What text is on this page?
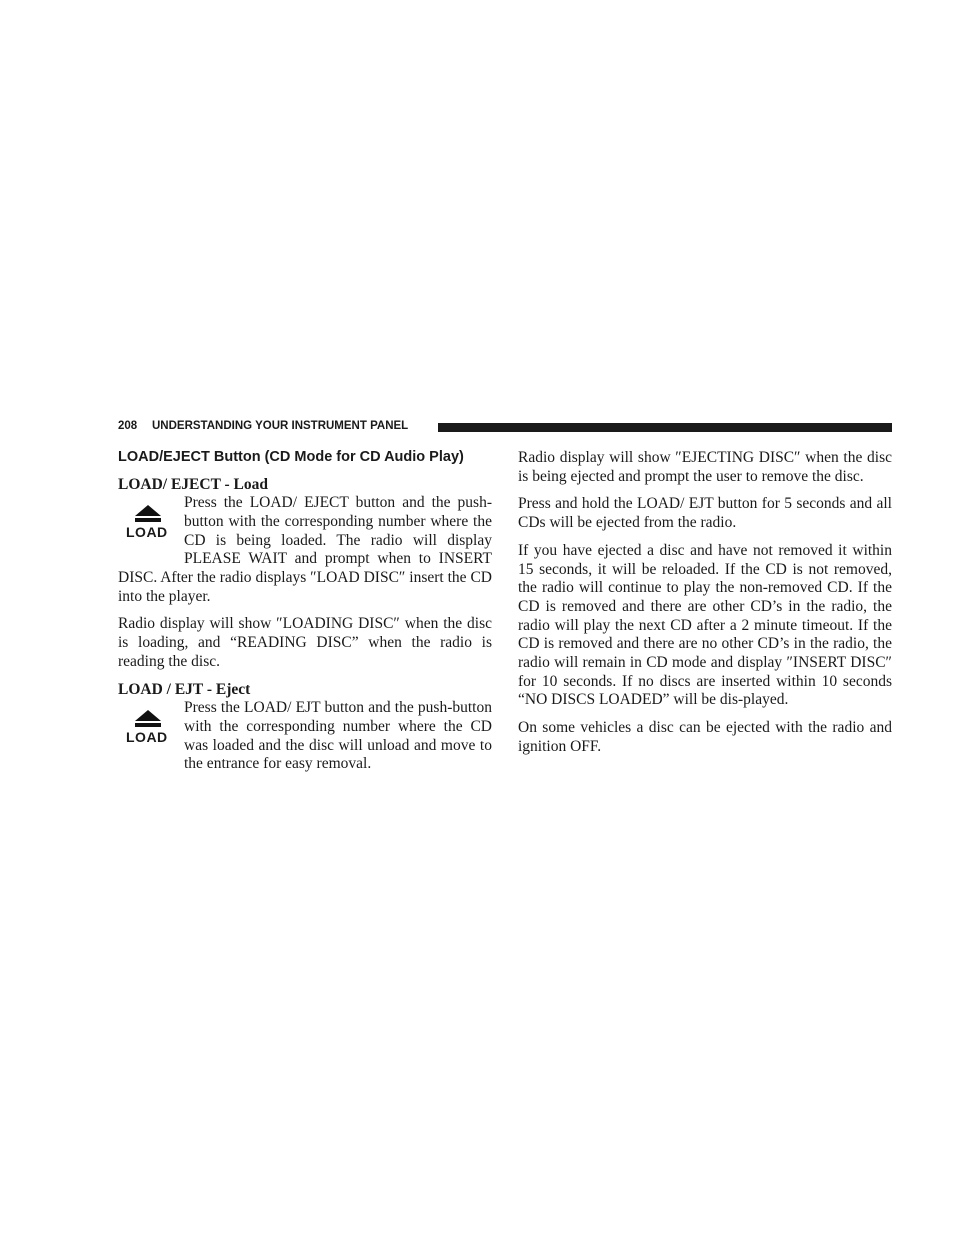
208 UNDERSTANDING YOUR INSTRUMENT PANEL
LOAD/EJECT Button (CD Mode for CD Audio Play)
LOAD/ EJECT - Load
LOAD

Press the LOAD/ EJECT button and the push-button with the corresponding number where the CD is being loaded. The radio will display PLEASE WAIT and prompt when to INSERT DISC. After the radio displays ″LOAD DISC″ insert the CD into the player.

Radio display will show ″LOADING DISC″ when the disc is loading, and “READING DISC” when the radio is reading the disc.

LOAD / EJT - Eject
LOAD

Press the LOAD/ EJT button and the push-button with the corresponding number where the CD was loaded and the disc will unload and move to the entrance for easy removal.

Radio display will show ″EJECTING DISC″ when the disc is being ejected and prompt the user to remove the disc.

Press and hold the LOAD/ EJT button for 5 seconds and all CDs will be ejected from the radio.

If you have ejected a disc and have not removed it within 15 seconds, it will be reloaded. If the CD is not removed, the radio will continue to play the non-removed CD. If the CD is removed and there are other CD’s in the radio, the radio will play the next CD after a 2 minute timeout. If the CD is removed and there are no other CD’s in the radio, the radio will remain in CD mode and display ″INSERT DISC″ for 10 seconds. If no discs are inserted within 10 seconds “NO DISCS LOADED” will be dis-played.

On some vehicles a disc can be ejected with the radio and ignition OFF.
